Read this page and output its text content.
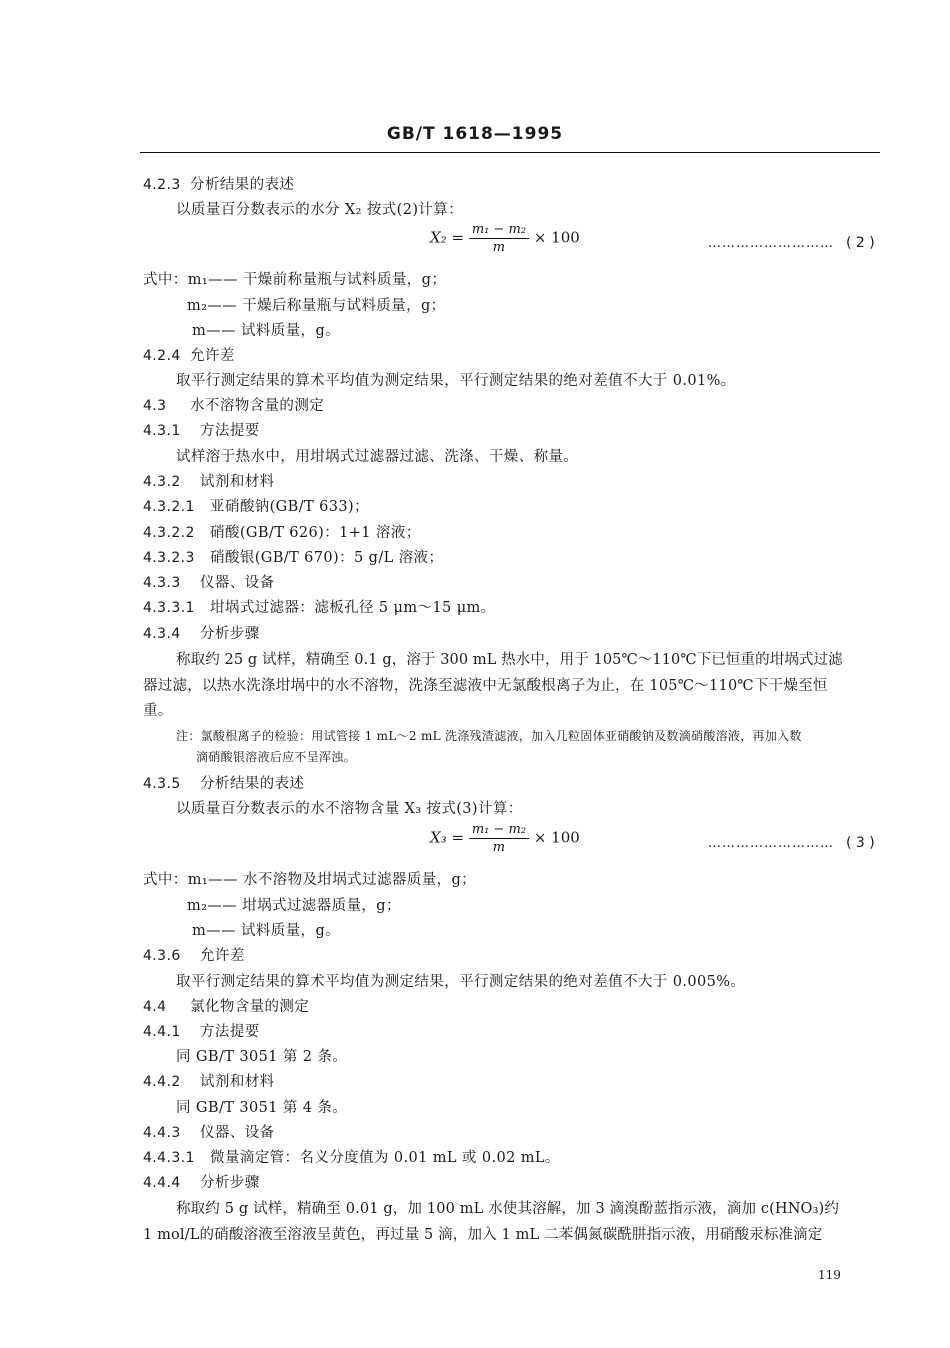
GB/T 1618—1995
4.2.3 分析结果的表述
以质量百分数表示的水分 X₂ 按式(2)计算：
$X_2 = \frac{\text{m₁ − m₂}}{m} \times 100$	……………………… ( 2 )
式中：m₁—— 干燥前称量瓶与试料质量，g；
m₂—— 干燥后称量瓶与试料质量，g；
m—— 试料质量，g。
4.2.4 允许差
取平行测定结果的算术平均值为测定结果，平行测定结果的绝对差值不大于 0.01%。
4.3 水不溶物含量的测定
4.3.1 方法提要
试样溶于热水中，用坩埚式过滤器过滤、洗涤、干燥、称量。
4.3.2 试剂和材料
4.3.2.1 亚硝酸钠(GB/T 633)；
4.3.2.2 硝酸(GB/T 626)：1+1 溶液；
4.3.2.3 硝酸银(GB/T 670)：5 g/L 溶液；
4.3.3 仪器、设备
4.3.3.1 坩埚式过滤器：滤板孔径 5 μm～15 μm。
4.3.4 分析步骤
称取约 25 g 试样，精确至 0.1 g，溶于 300 mL 热水中，用于 105℃～110℃下已恒重的坩埚式过滤
器过滤，以热水洗涤坩埚中的水不溶物，洗涤至滤液中无氯酸根离子为止，在 105℃～110℃下干燥至恒
重。
注：氯酸根离子的检验：用试管接 1 mL～2 mL 洗涤残渣滤液，加入几粒固体亚硝酸钠及数滴硝酸溶液，再加入数
滴硝酸银溶液后应不呈浑浊。
4.3.5 分析结果的表述
以质量百分数表示的水不溶物含量 X₃ 按式(3)计算：
$X_3 = \frac{\text{m₁ − m₂}}{m} \times 100$	……………………… ( 3 )
式中：m₁—— 水不溶物及坩埚式过滤器质量，g；
m₂—— 坩埚式过滤器质量，g；
m—— 试料质量，g。
4.3.6 允许差
取平行测定结果的算术平均值为测定结果，平行测定结果的绝对差值不大于 0.005%。
4.4 氯化物含量的测定
4.4.1 方法提要
同 GB/T 3051 第 2 条。
4.4.2 试剂和材料
同 GB/T 3051 第 4 条。
4.4.3 仪器、设备
4.4.3.1 微量滴定管：名义分度值为 0.01 mL 或 0.02 mL。
4.4.4 分析步骤
称取约 5 g 试样，精确至 0.01 g，加 100 mL 水使其溶解，加 3 滴溴酚蓝指示液，滴加 c(HNO₃)约
1 mol/L的硝酸溶液至溶液呈黄色，再过量 5 滴，加入 1 mL 二苯偶氮碳酰肼指示液，用硝酸汞标准滴定
119
